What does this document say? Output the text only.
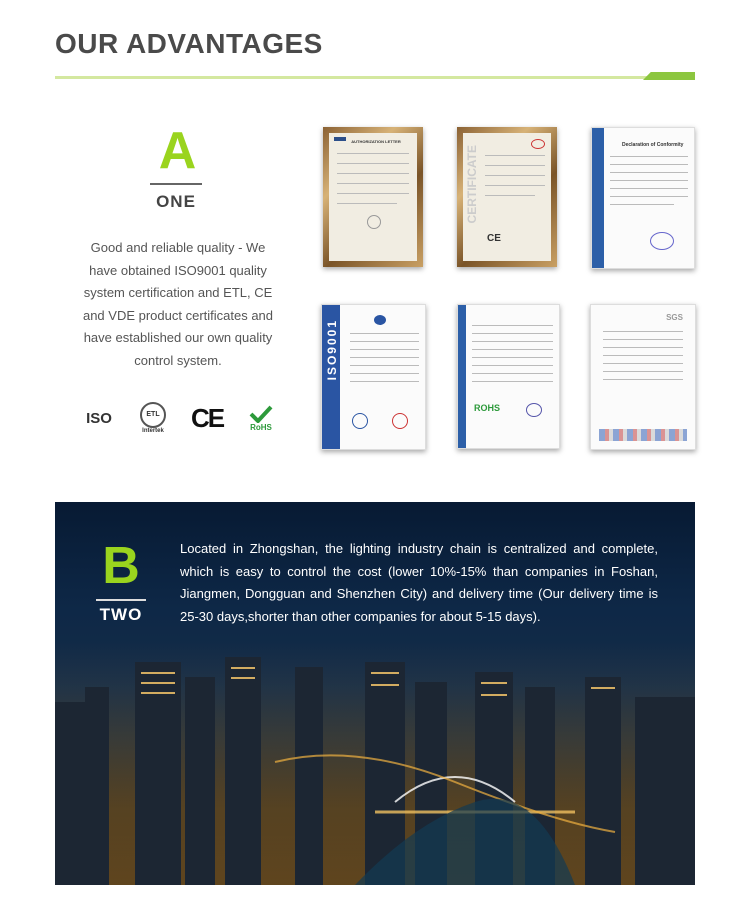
OUR ADVANTAGES
A
ONE
Good and reliable quality - We have obtained ISO9001 quality system certification and ETL, CE and VDE product certificates and have established our own quality control system.
ISO	ETL
Intertek CE	RoHS
AUTHORIZATION LETTER
CERTIFICATE
CE
Declaration of Conformity
ISO9001
ROHS
SGS
B
TWO
Located in Zhongshan, the lighting industry chain is centralized and complete, which is easy to control the cost (lower 10%-15% than companies in Foshan, Jiangmen, Dongguan and Shenzhen City) and delivery time (Our delivery time is 25-30 days,shorter than other companies for about 5-15 days).
